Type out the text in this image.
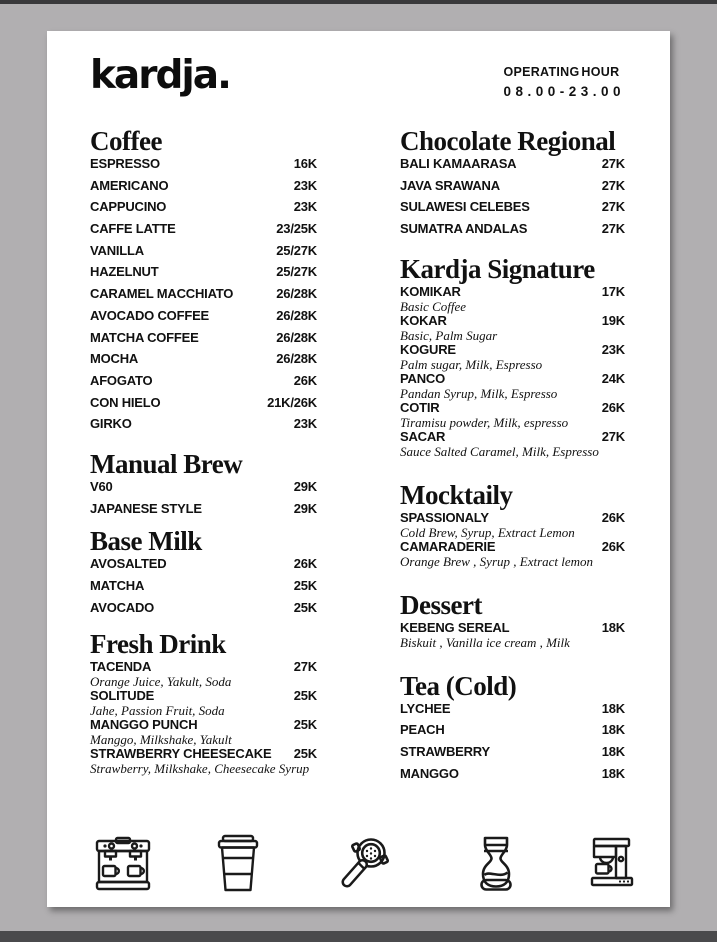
kardja.	OPERATING HOUR
08.00-23.00
Coffee
ESPRESSO	16K
AMERICANO	23K
CAPPUCINO	23K
CAFFE LATTE	23/25K
VANILLA	25/27K
HAZELNUT	25/27K
CARAMEL MACCHIATO	26/28K
AVOCADO COFFEE	26/28K
MATCHA COFFEE	26/28K
MOCHA	26/28K
AFOGATO	26K
CON HIELO	21K/26K
GIRKO	23K
Manual Brew
V60	29K
JAPANESE STYLE	29K
Base Milk
AVOSALTED	26K
MATCHA	25K
AVOCADO	25K
Fresh Drink
TACENDA	27K
Orange Juice, Yakult, Soda
SOLITUDE	25K
Jahe, Passion Fruit, Soda
MANGGO PUNCH	25K
Manggo, Milkshake, Yakult
STRAWBERRY CHEESECAKE 25K
Strawberry, Milkshake, Cheesecake Syrup
Chocolate Regional
BALI KAMAARASA	27K
JAVA SRAWANA	27K
SULAWESI CELEBES	27K
SUMATRA ANDALAS	27K
Kardja Signature
KOMIKAR	17K
Basic Coffee
KOKAR	19K
Basic, Palm Sugar
KOGURE	23K
Palm sugar, Milk, Espresso
PANCO	24K
Pandan Syrup, Milk, Espresso
COTIR	26K
Tiramisu powder, Milk, espresso
SACAR	27K
Sauce Salted Caramel, Milk, Espresso
Mocktaily
SPASSIONALY	26K
Cold Brew, Syrup, Extract Lemon
CAMARADERIE	26K
Orange Brew , Syrup , Extract lemon
Dessert
KEBENG SEREAL	18K
Biskuit , Vanilla ice cream , Milk
Tea (Cold)
LYCHEE	18K
PEACH	18K
STRAWBERRY	18K
MANGGO	18K
